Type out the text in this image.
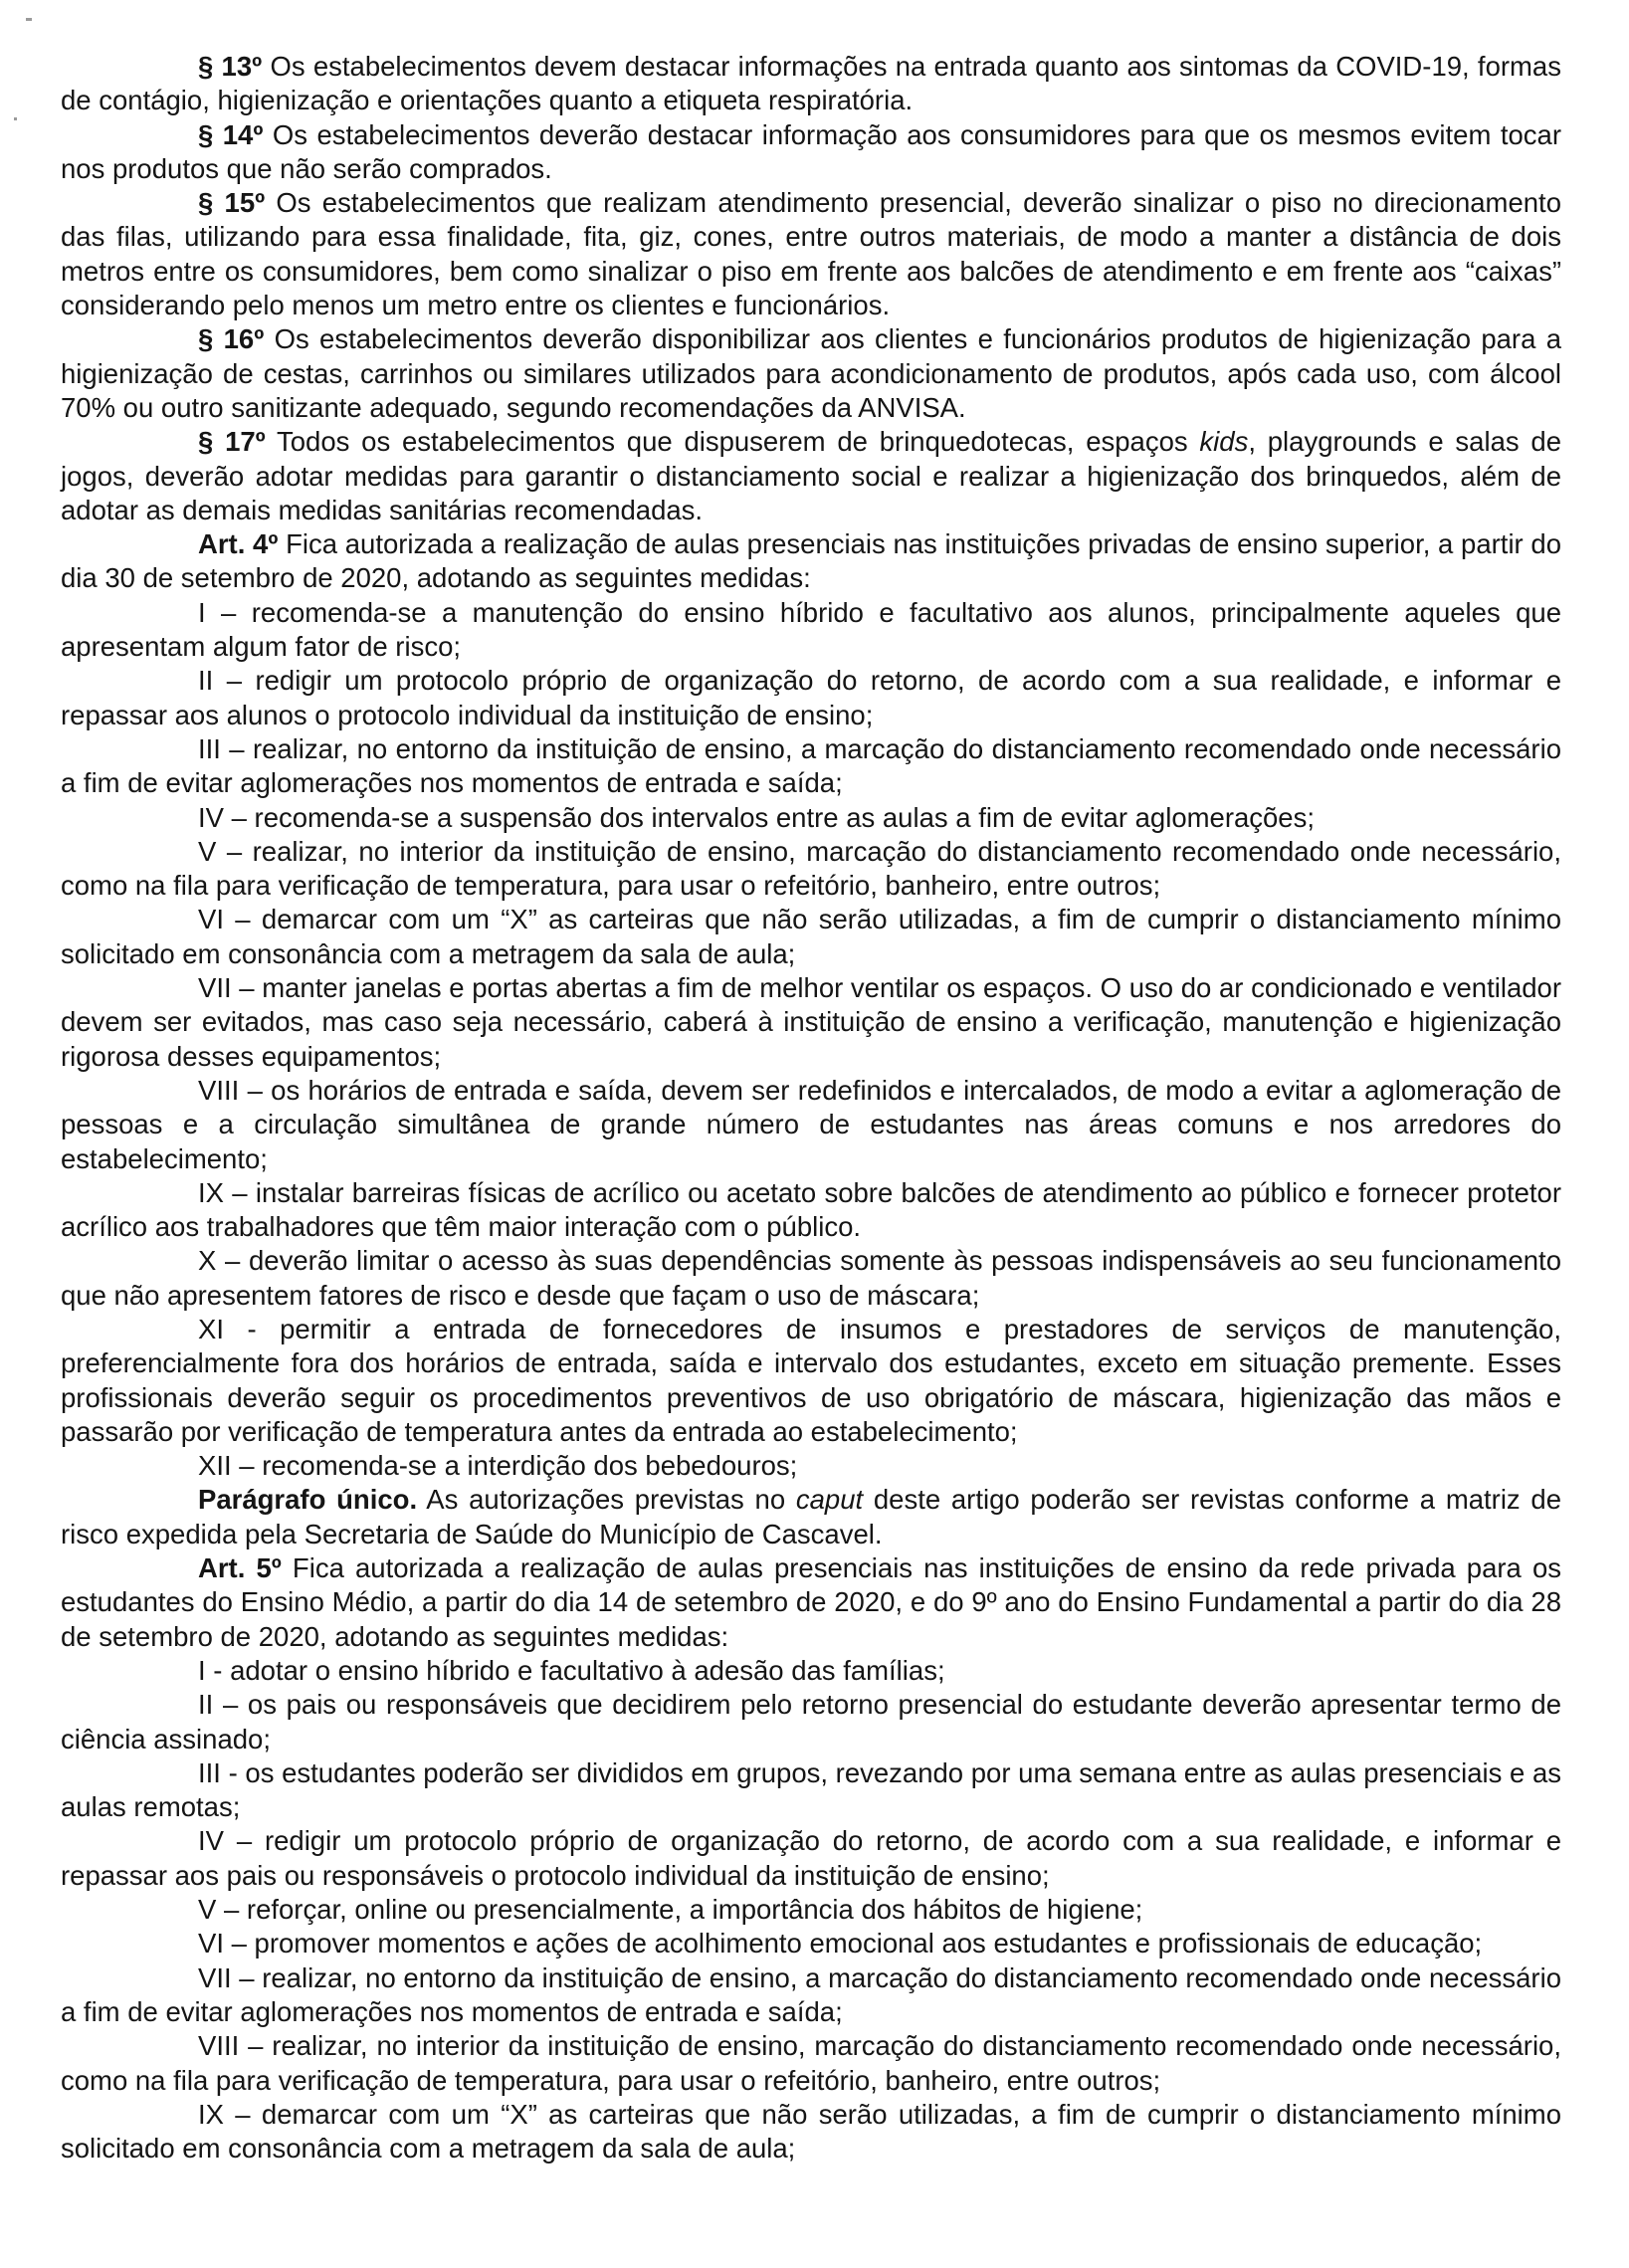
§ 13º Os estabelecimentos devem destacar informações na entrada quanto aos sintomas da COVID-19, formas de contágio, higienização e orientações quanto a etiqueta respiratória.

§ 14º Os estabelecimentos deverão destacar informação aos consumidores para que os mesmos evitem tocar nos produtos que não serão comprados.

§ 15º Os estabelecimentos que realizam atendimento presencial, deverão sinalizar o piso no direcionamento das filas, utilizando para essa finalidade, fita, giz, cones, entre outros materiais, de modo a manter a distância de dois metros entre os consumidores, bem como sinalizar o piso em frente aos balcões de atendimento e em frente aos “caixas” considerando pelo menos um metro entre os clientes e funcionários.

§ 16º Os estabelecimentos deverão disponibilizar aos clientes e funcionários produtos de higienização para a higienização de cestas, carrinhos ou similares utilizados para acondicionamento de produtos, após cada uso, com álcool 70% ou outro sanitizante adequado, segundo recomendações da ANVISA.

§ 17º Todos os estabelecimentos que dispuserem de brinquedotecas, espaços kids, playgrounds e salas de jogos, deverão adotar medidas para garantir o distanciamento social e realizar a higienização dos brinquedos, além de adotar as demais medidas sanitárias recomendadas.

Art. 4º Fica autorizada a realização de aulas presenciais nas instituições privadas de ensino superior, a partir do dia 30 de setembro de 2020, adotando as seguintes medidas:

I – recomenda-se a manutenção do ensino híbrido e facultativo aos alunos, principalmente aqueles que apresentam algum fator de risco;

II – redigir um protocolo próprio de organização do retorno, de acordo com a sua realidade, e informar e repassar aos alunos o protocolo individual da instituição de ensino;

III – realizar, no entorno da instituição de ensino, a marcação do distanciamento recomendado onde necessário a fim de evitar aglomerações nos momentos de entrada e saída;

IV – recomenda-se a suspensão dos intervalos entre as aulas a fim de evitar aglomerações;

V – realizar, no interior da instituição de ensino, marcação do distanciamento recomendado onde necessário, como na fila para verificação de temperatura, para usar o refeitório, banheiro, entre outros;

VI – demarcar com um “X” as carteiras que não serão utilizadas, a fim de cumprir o distanciamento mínimo solicitado em consonância com a metragem da sala de aula;

VII – manter janelas e portas abertas a fim de melhor ventilar os espaços. O uso do ar condicionado e ventilador devem ser evitados, mas caso seja necessário, caberá à instituição de ensino a verificação, manutenção e higienização rigorosa desses equipamentos;

VIII – os horários de entrada e saída, devem ser redefinidos e intercalados, de modo a evitar a aglomeração de pessoas e a circulação simultânea de grande número de estudantes nas áreas comuns e nos arredores do estabelecimento;

IX – instalar barreiras físicas de acrílico ou acetato sobre balcões de atendimento ao público e fornecer protetor acrílico aos trabalhadores que têm maior interação com o público.

X – deverão limitar o acesso às suas dependências somente às pessoas indispensáveis ao seu funcionamento que não apresentem fatores de risco e desde que façam o uso de máscara;

XI - permitir a entrada de fornecedores de insumos e prestadores de serviços de manutenção, preferencialmente fora dos horários de entrada, saída e intervalo dos estudantes, exceto em situação premente. Esses profissionais deverão seguir os procedimentos preventivos de uso obrigatório de máscara, higienização das mãos e passarão por verificação de temperatura antes da entrada ao estabelecimento;

XII – recomenda-se a interdição dos bebedouros;

Parágrafo único. As autorizações previstas no caput deste artigo poderão ser revistas conforme a matriz de risco expedida pela Secretaria de Saúde do Município de Cascavel.

Art. 5º Fica autorizada a realização de aulas presenciais nas instituições de ensino da rede privada para os estudantes do Ensino Médio, a partir do dia 14 de setembro de 2020, e do 9º ano do Ensino Fundamental a partir do dia 28 de setembro de 2020, adotando as seguintes medidas:

I - adotar o ensino híbrido e facultativo à adesão das famílias;

II – os pais ou responsáveis que decidirem pelo retorno presencial do estudante deverão apresentar termo de ciência assinado;

III - os estudantes poderão ser divididos em grupos, revezando por uma semana entre as aulas presenciais e as aulas remotas;

IV – redigir um protocolo próprio de organização do retorno, de acordo com a sua realidade, e informar e repassar aos pais ou responsáveis o protocolo individual da instituição de ensino;

V – reforçar, online ou presencialmente, a importância dos hábitos de higiene;

VI – promover momentos e ações de acolhimento emocional aos estudantes e profissionais de educação;

VII – realizar, no entorno da instituição de ensino, a marcação do distanciamento recomendado onde necessário a fim de evitar aglomerações nos momentos de entrada e saída;

VIII – realizar, no interior da instituição de ensino, marcação do distanciamento recomendado onde necessário, como na fila para verificação de temperatura, para usar o refeitório, banheiro, entre outros;

IX – demarcar com um “X” as carteiras que não serão utilizadas, a fim de cumprir o distanciamento mínimo solicitado em consonância com a metragem da sala de aula;
